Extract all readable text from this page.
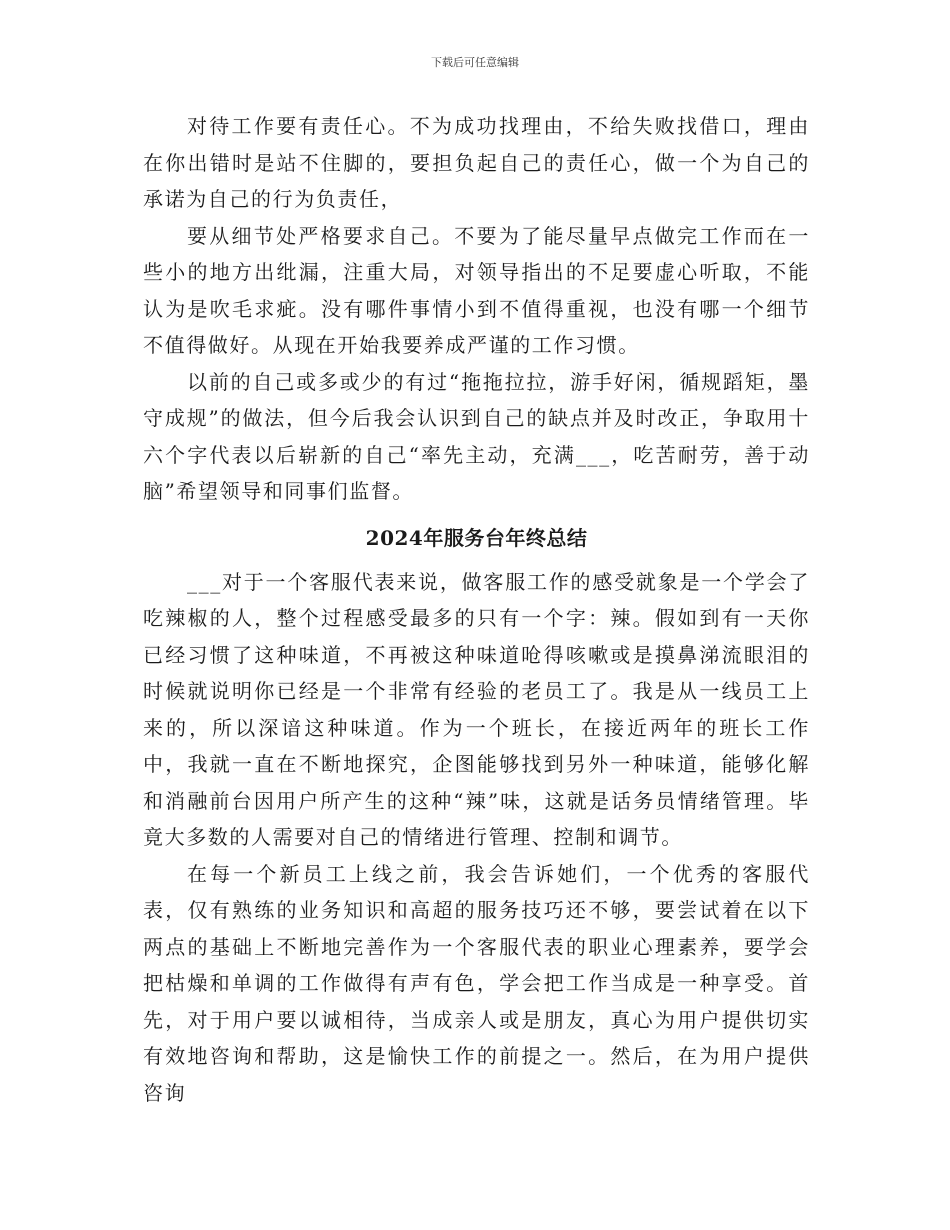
下载后可任意编辑

对待工作要有责任心。不为成功找理由，不给失败找借口，理由在你出错时是站不住脚的，要担负起自己的责任心，做一个为自己的承诺为自己的行为负责任，

要从细节处严格要求自己。不要为了能尽量早点做完工作而在一些小的地方出纰漏，注重大局，对领导指出的不足要虚心听取，不能认为是吹毛求疵。没有哪件事情小到不值得重视，也没有哪一个细节不值得做好。从现在开始我要养成严谨的工作习惯。

以前的自己或多或少的有过“拖拖拉拉，游手好闲，循规蹈矩，墨守成规”的做法，但今后我会认识到自己的缺点并及时改正，争取用十六个字代表以后崭新的自己“率先主动，充满___，吃苦耐劳，善于动脑”希望领导和同事们监督。

2024年服务台年终总结

___对于一个客服代表来说，做客服工作的感受就象是一个学会了吃辣椒的人，整个过程感受最多的只有一个字：辣。假如到有一天你已经习惯了这种味道，不再被这种味道呛得咳嗽或是摸鼻涕流眼泪的时候就说明你已经是一个非常有经验的老员工了。我是从一线员工上来的，所以深谙这种味道。作为一个班长，在接近两年的班长工作中，我就一直在不断地探究，企图能够找到另外一种味道，能够化解和消融前台因用户所产生的这种“辣”味，这就是话务员情绪管理。毕竟大多数的人需要对自己的情绪进行管理、控制和调节。

在每一个新员工上线之前，我会告诉她们，一个优秀的客服代表，仅有熟练的业务知识和高超的服务技巧还不够，要尝试着在以下两点的基础上不断地完善作为一个客服代表的职业心理素养，要学会把枯燥和单调的工作做得有声有色，学会把工作当成是一种享受。首先，对于用户要以诚相待，当成亲人或是朋友，真心为用户提供切实有效地咨询和帮助，这是愉快工作的前提之一。然后，在为用户提供咨询
